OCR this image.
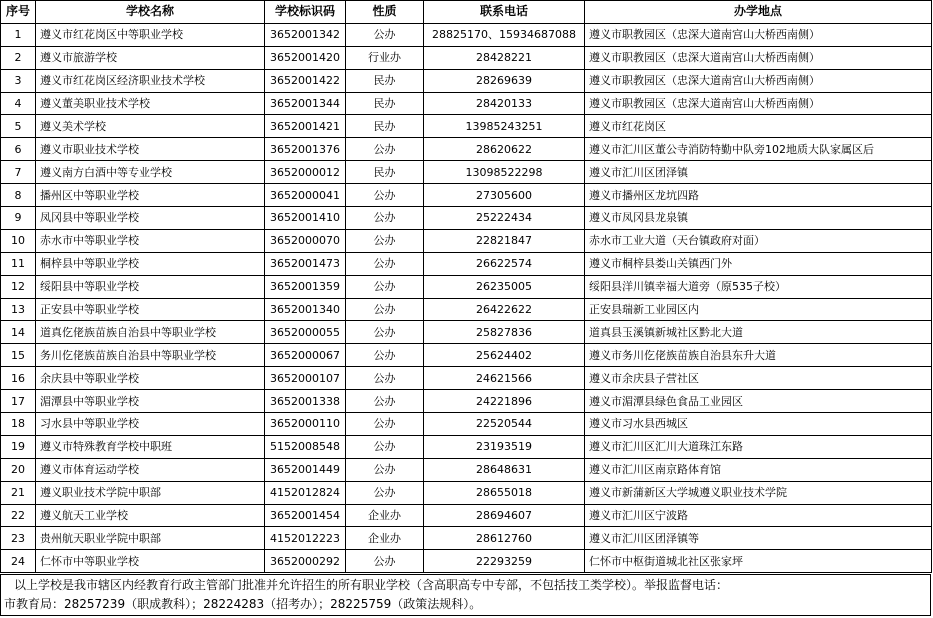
序号	学校名称	学校标识码	性质	联系电话	办学地点
1	遵义市红花岗区中等职业学校	3652001342	公办	28825170、15934687088	遵义市职教园区（忠深大道南宫山大桥西南侧）
2	遵义市旅游学校	3652001420	行业办	28428221	遵义市职教园区（忠深大道南宫山大桥西南侧）
3	遵义市红花岗区经济职业技术学校	3652001422	民办	28269639	遵义市职教园区（忠深大道南宫山大桥西南侧）
4	遵义董美职业技术学校	3652001344	民办	28420133	遵义市职教园区（忠深大道南宫山大桥西南侧）
5	遵义美术学校	3652001421	民办	13985243251	遵义市红花岗区
6	遵义市职业技术学校	3652001376	公办	28620622	遵义市汇川区董公寺消防特勤中队旁102地质大队家属区后
7	遵义南方白酒中等专业学校	3652000012	民办	13098522298	遵义市汇川区团泽镇
8	播州区中等职业学校	3652000041	公办	27305600	遵义市播州区龙坑四路
9	凤冈县中等职业学校	3652001410	公办	25222434	遵义市凤冈县龙泉镇
10	赤水市中等职业学校	3652000070	公办	22821847	赤水市工业大道（天台镇政府对面）
11	桐梓县中等职业学校	3652001473	公办	26622574	遵义市桐梓县娄山关镇西门外
12	绥阳县中等职业学校	3652001359	公办	26235005	绥阳县洋川镇幸福大道旁（原535子校）
13	正安县中等职业学校	3652001340	公办	26422622	正安县瑞新工业园区内
14	道真仡佬族苗族自治县中等职业学校	3652000055	公办	25827836	道真县玉溪镇新城社区黔北大道
15	务川仡佬族苗族自治县中等职业学校	3652000067	公办	25624402	遵义市务川仡佬族苗族自治县东升大道
16	余庆县中等职业学校	3652000107	公办	24621566	遵义市余庆县子营社区
17	湄潭县中等职业学校	3652001338	公办	24221896	遵义市湄潭县绿色食品工业园区
18	习水县中等职业学校	3652000110	公办	22520544	遵义市习水县西城区
19	遵义市特殊教育学校中职班	5152008548	公办	23193519	遵义市汇川区汇川大道珠江东路
20	遵义市体育运动学校	3652001449	公办	28648631	遵义市汇川区南京路体育馆
21	遵义职业技术学院中职部	4152012824	公办	28655018	遵义市新蒲新区大学城遵义职业技术学院
22	遵义航天工业学校	3652001454	企业办	28694607	遵义市汇川区宁波路
23	贵州航天职业学院中职部	4152012223	企业办	28612760	遵义市汇川区团泽镇等
24	仁怀市中等职业学校	3652000292	公办	22293259	仁怀市中枢街道城北社区张家坪
以上学校是我市辖区内经教育行政主管部门批准并允许招生的所有职业学校（含高职高专中专部，不包括技工类学校）。举报监督电话：
市教育局：28257239（职成教科）；28224283（招考办）；28225759（政策法规科）。
